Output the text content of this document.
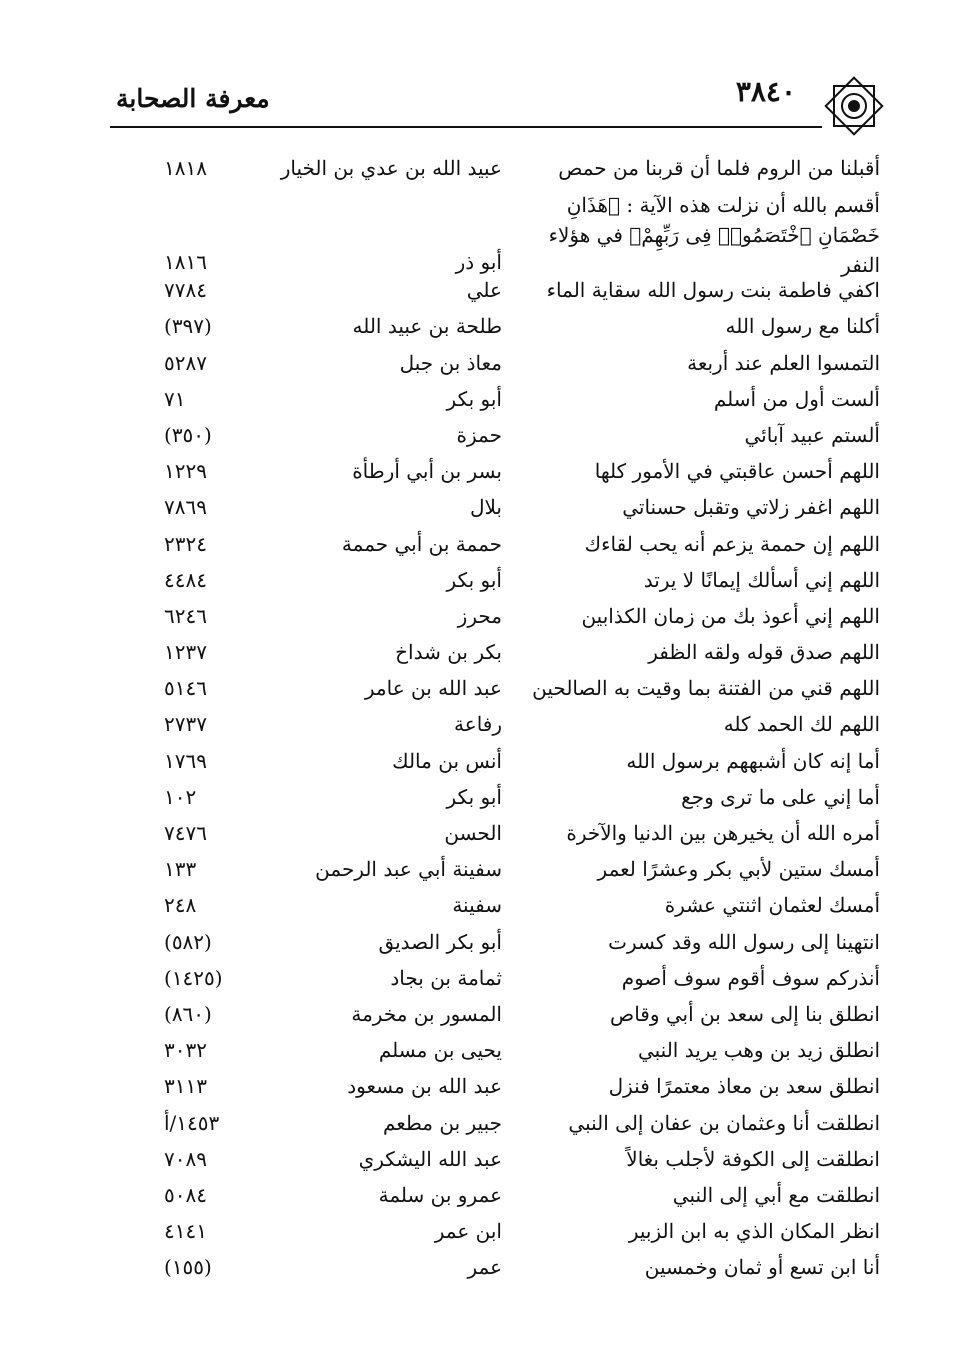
٣٨٤٠
معرفة الصحابة
أقبلنا من الروم فلما أن قربنا من حمص
عبيد الله بن عدي بن الخيار
١٨١٨
أقسم بالله أن نزلت هذه الآية : ﴿هَذَانِ خَصْمَانِ ٱخْتَصَمُوا۟ فِى رَبِّهِمْ﴾ في هؤلاء النفر
أبو ذر
١٨١٦
اكفي فاطمة بنت رسول الله سقاية الماء
علي
٧٧٨٤
أكلنا مع رسول الله
طلحة بن عبيد الله
(٣٩٧)
التمسوا العلم عند أربعة
معاذ بن جبل
٥٢٨٧
ألست أول من أسلم
أبو بكر
٧١
ألستم عبيد آبائي
حمزة
(٣٥٠)
اللهم أحسن عاقبتي في الأمور كلها
بسر بن أبي أرطأة
١٢٢٩
اللهم اغفر زلاتي وتقبل حسناتي
بلال
٧٨٦٩
اللهم إن حممة يزعم أنه يحب لقاءك
حممة بن أبي حممة
٢٣٢٤
اللهم إني أسألك إيمانًا لا يرتد
أبو بكر
٤٤٨٤
اللهم إني أعوذ بك من زمان الكذابين
محرز
٦٢٤٦
اللهم صدق قوله ولقه الظفر
بكر بن شداخ
١٢٣٧
اللهم قني من الفتنة بما وقيت به الصالحين
عبد الله بن عامر
٥١٤٦
اللهم لك الحمد كله
رفاعة
٢٧٣٧
أما إنه كان أشبههم برسول الله
أنس بن مالك
١٧٦٩
أما إني على ما ترى وجع
أبو بكر
١٠٢
أمره الله أن يخيرهن بين الدنيا والآخرة
الحسن
٧٤٧٦
أمسك ستين لأبي بكر وعشرًا لعمر
سفينة أبي عبد الرحمن
١٣٣
أمسك لعثمان اثنتي عشرة
سفينة
٢٤٨
انتهينا إلى رسول الله وقد كسرت
أبو بكر الصديق
(٥٨٢)
أنذركم سوف أقوم سوف أصوم
ثمامة بن بجاد
(١٤٢٥)
انطلق بنا إلى سعد بن أبي وقاص
المسور بن مخرمة
(٨٦٠)
انطلق زيد بن وهب يريد النبي
يحيى بن مسلم
٣٠٣٢
انطلق سعد بن معاذ معتمرًا فنزل
عبد الله بن مسعود
٣١١٣
انطلقت أنا وعثمان بن عفان إلى النبي
جبير بن مطعم
١٤٥٣/أ
انطلقت إلى الكوفة لأجلب بغالاً
عبد الله اليشكري
٧٠٨٩
انطلقت مع أبي إلى النبي
عمرو بن سلمة
٥٠٨٤
انظر المكان الذي به ابن الزبير
ابن عمر
٤١٤١
أنا ابن تسع أو ثمان وخمسين
عمر
(١٥٥)
